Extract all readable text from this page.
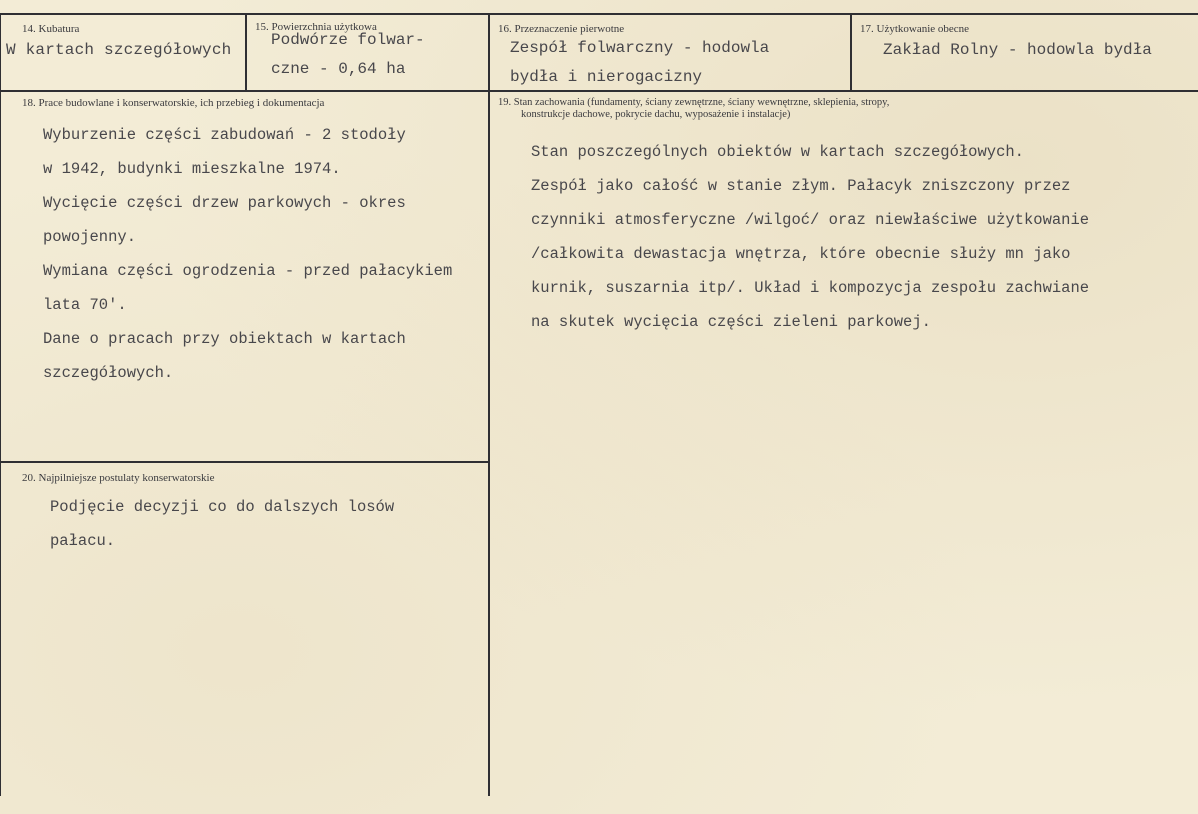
14. Kubatura
W kartach szczegółowych
15. Powierzchnia użytkowa
Podwórze folwar-
czne - 0,64 ha
16. Przeznaczenie pierwotne
Zespół folwarczny - hodowla
bydła i nierogacizny
17. Użytkowanie obecne
Zakład Rolny - hodowla bydła
18. Prace budowlane i konserwatorskie, ich przebieg i dokumentacja
Wyburzenie części zabudowań - 2 stodoły
w 1942, budynki mieszkalne 1974.
Wycięcie części drzew parkowych - okres
powojenny.
Wymiana części ogrodzenia - przed pałacykiem
lata 70'.
Dane o pracach przy obiektach w kartach
szczegółowych.
19. Stan zachowania (fundamenty, ściany zewnętrzne, ściany wewnętrzne, sklepienia, stropy,
konstrukcje dachowe, pokrycie dachu, wyposażenie i instalacje)
Stan poszczególnych obiektów w kartach szczegółowych.
Zespół jako całość w stanie złym. Pałacyk zniszczony przez
czynniki atmosferyczne /wilgoć/ oraz niewłaściwe użytkowanie
/całkowita dewastacja wnętrza, które obecnie służy mn jako
kurnik, suszarnia itp/. Układ i kompozycja zespołu zachwiane
na skutek wycięcia części zieleni parkowej.
20. Najpilniejsze postulaty konserwatorskie
Podjęcie decyzji co do dalszych losów
pałacu.
